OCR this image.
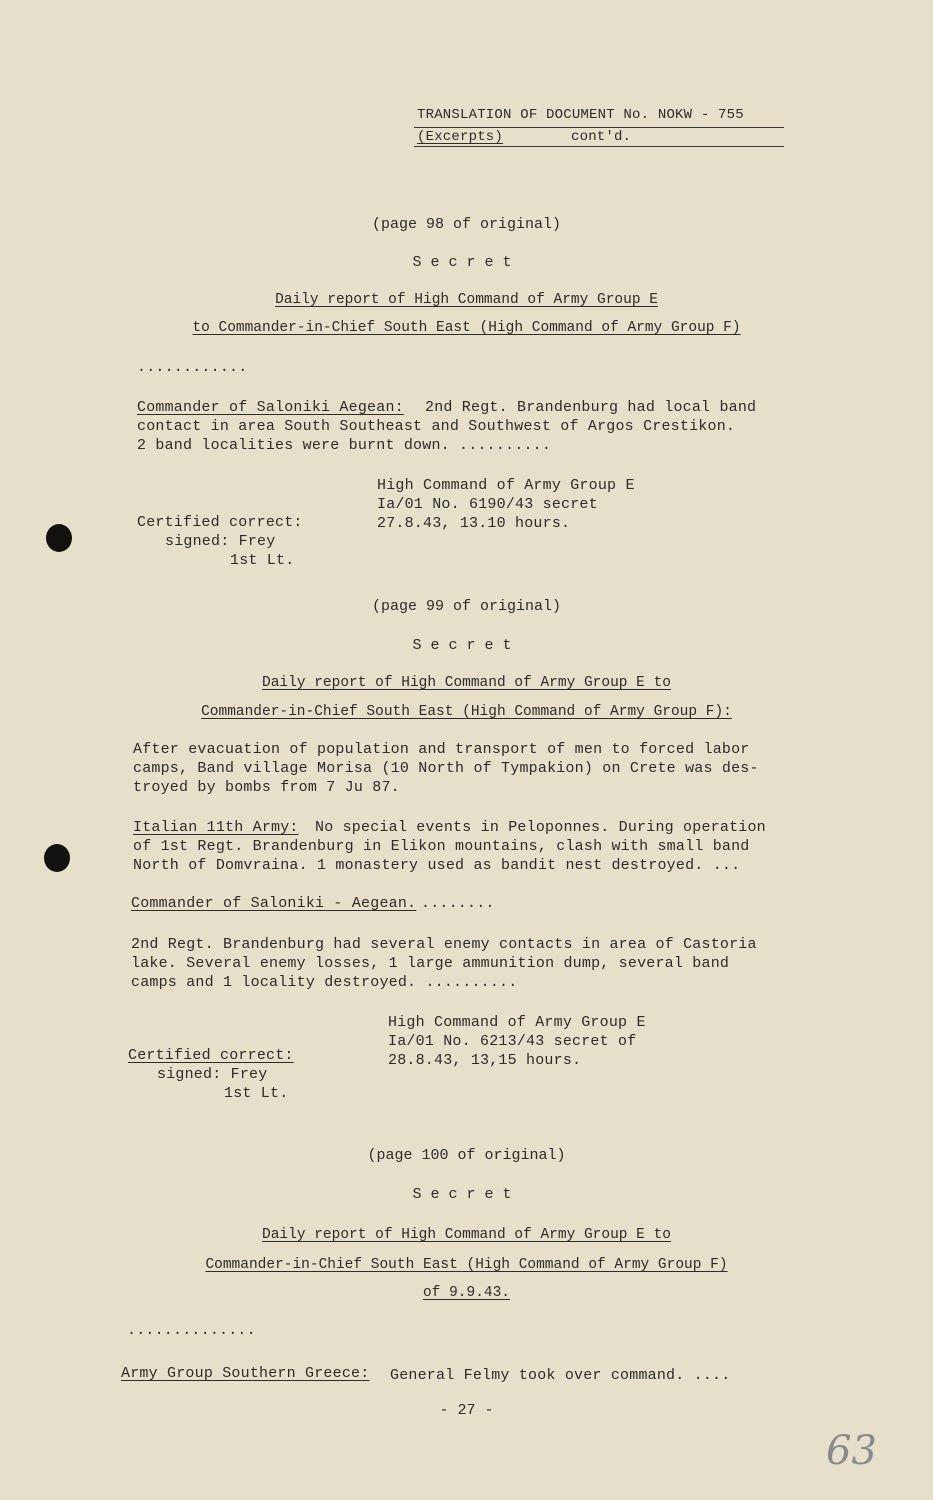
TRANSLATION OF DOCUMENT No. NOKW - 755
(Excerpts)	cont'd.
(page 98 of original)
Secret
Daily report of High Command of Army Group E
to Commander-in-Chief South East (High Command of Army Group F)
............
Commander of Saloniki Aegean: 2nd Regt. Brandenburg had local band
contact in area South Southeast and Southwest of Argos Crestikon.
2 band localities were burnt down. ..........
High Command of Army Group E
Ia/01 No. 6190/43 secret
27.8.43, 13.10 hours.
Certified correct:
signed: Frey
1st Lt.
(page 99 of original)
Secret
Daily report of High Command of Army Group E to
Commander-in-Chief South East (High Command of Army Group F):
After evacuation of population and transport of men to forced labor
camps, Band village Morisa (10 North of Tympakion) on Crete was des-
troyed by bombs from 7 Ju 87.
Italian 11th Army: No special events in Peloponnes. During operation
of 1st Regt. Brandenburg in Elikon mountains, clash with small band
North of Domvraina. 1 monastery used as bandit nest destroyed. ...
Commander of Saloniki - Aegean. ........
2nd Regt. Brandenburg had several enemy contacts in area of Castoria
lake. Several enemy losses, 1 large ammunition dump, several band
camps and 1 locality destroyed. ..........
High Command of Army Group E
Ia/01 No. 6213/43 secret of
28.8.43, 13,15 hours.
Certified correct:
signed: Frey
1st Lt.
(page 100 of original)
Secret
Daily report of High Command of Army Group E to
Commander-in-Chief South East (High Command of Army Group F)
of 9.9.43.
..............
Army Group Southern Greece: General Felmy took over command. ....
- 27 -
63
